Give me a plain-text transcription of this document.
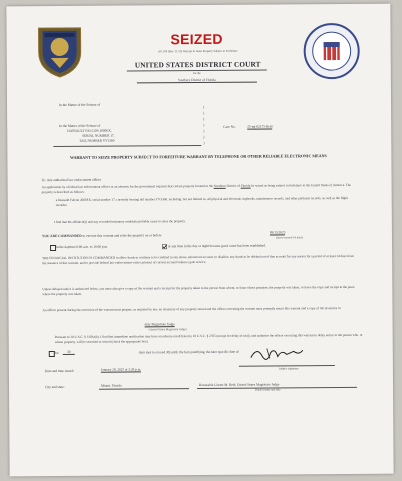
SEIZED
AO 109 (Rev. 11/13) Warrant to Seize Property Subject to Forfeiture
UNITED STATES DISTRICT COURT
for the
Southern District of Florida
In the Matter of the Seizure of
In the Matter of the Seizure of
DASSAULT FALCON 2000EX,
SERIAL NUMBER 17,
TAIL NUMBER YV3360
)
)
)
)
)
)
)
Case No.	25-mj-02175-Reid
WARRANT TO SEIZE PROPERTY SUBJECT TO FORFEITURE WARRANT BY TELEPHONE OR OTHER RELIABLE ELECTRONIC MEANS
To: Any authorized law enforcement officer
An application by a federal law enforcement officer or an attorney for the government requests that certain property located in the Southern District of Florida be seized as being subject to forfeiture to the United States of America. The property is described as follows:
a Dassault Falcon 2000EX, serial number 17, currently bearing tail number YV3360, including, but not limited to, all physical and electronic logbooks, maintenance records, and other pertinent records, as well as the flight recorder.
I find that the affidavit(s) and any recorded testimony establish probable cause to seize the property.
YOU ARE COMMANDED to execute this warrant and seize the property on or before
09/15/2025
(not to exceed 14 days)
in the daytime 6:00 a.m. to 10:00 p.m.	at any time in the day or night because good cause has been established.
THE FINANCIAL INSTITUTION IS COMMANDED to allow funds to continue to be credited to any above-referenced account, to disallow any funds to be debited out of that account for any reason for a period of at least 14 days from the issuance of this warrant, and to provide federal law enforcement with a printout of current account balance upon service.
Unless delayed notice is authorized below, you must also give a copy of the warrant and a receipt for the property taken to the person from whom, or from whose premises, the property was taken, or leave the copy and receipt at the place where the property was taken.
An officer present during the execution of the warrant must prepare, as required by law, an inventory of any property seized and the officer executing the warrant must promptly return this warrant and a copy of the inventory to
duty Magistrate Judge
(United States Magistrate Judge)
Pursuant to 18 U.S.C. § 3103a(b), I find that immediate notification may have an adverse result listed in 18 U.S.C. § 2705 (except for delay of trial), and authorize the officer executing this warrant to delay notice to the person who, or whose property, will be searched or seized (check the appropriate box)
for	30	days (not to exceed 30) until, the facts justifying, the later specific date of
Judge's signature
Date and time issued:	January 28, 2025 at 3:20 p.m.
City and state:	Miami, Florida	Honorable Lisette M. Reid, United States Magistrate Judge
Printed name and title
